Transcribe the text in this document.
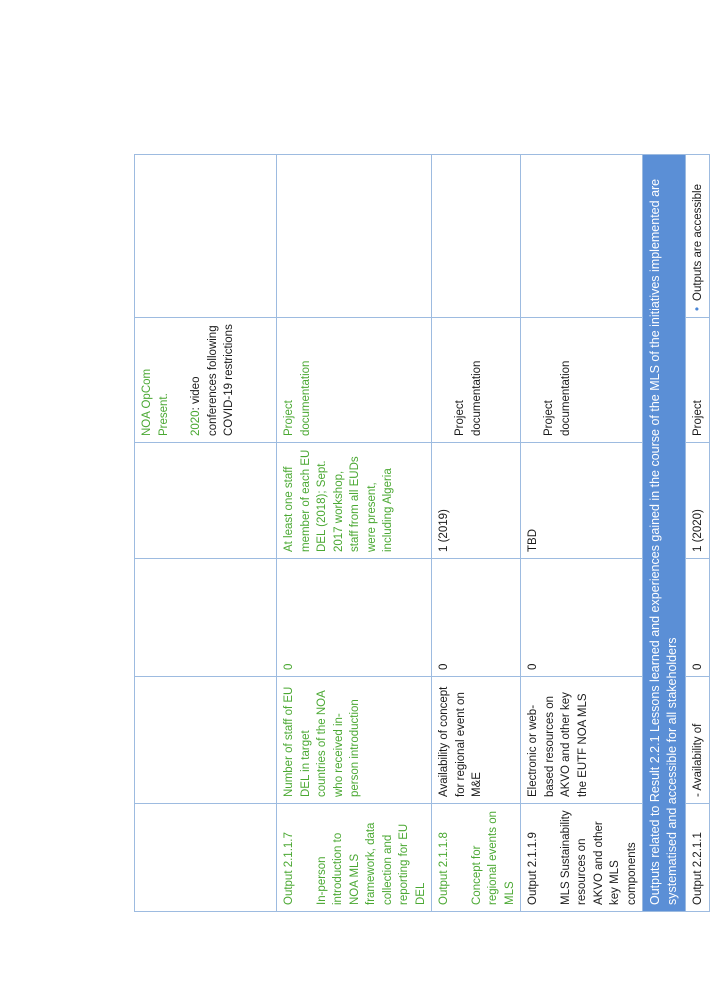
				NOA OpCom Present. 2020: video conferences following COVID-19 restrictions	

Output 2.1.1.7 In-person introduction to NOA MLS framework, data collection and reporting for EU DEL	Number of staff of EU DEL in target countries of the NOA who received in-person introduction	0	At least one staff member of each EU DEL (2018); Sept. 2017 workshop, staff from all EUDs were present, including Algeria	Project documentation	

Output 2.1.1.8 Concept for regional events on MLS	Availability of concept for regional event on M&E	0	1 (2019)	Project documentation	

Output 2.1.1.9 MLS Sustainability resources on AKVO and other key MLS components	Electronic or web-based resources on AKVO and other key the EUTF NOA MLS	0	TBD	Project documentation	
Outputs related to Result 2.2.1 Lessons learned and experiences gained in the course of the MLS of the initiatives implemented are systematised and accessible for all stakeholders					
Output 2.2.1.1	- Availability of	0	1 (2020)	Project	•Outputs are accessible
